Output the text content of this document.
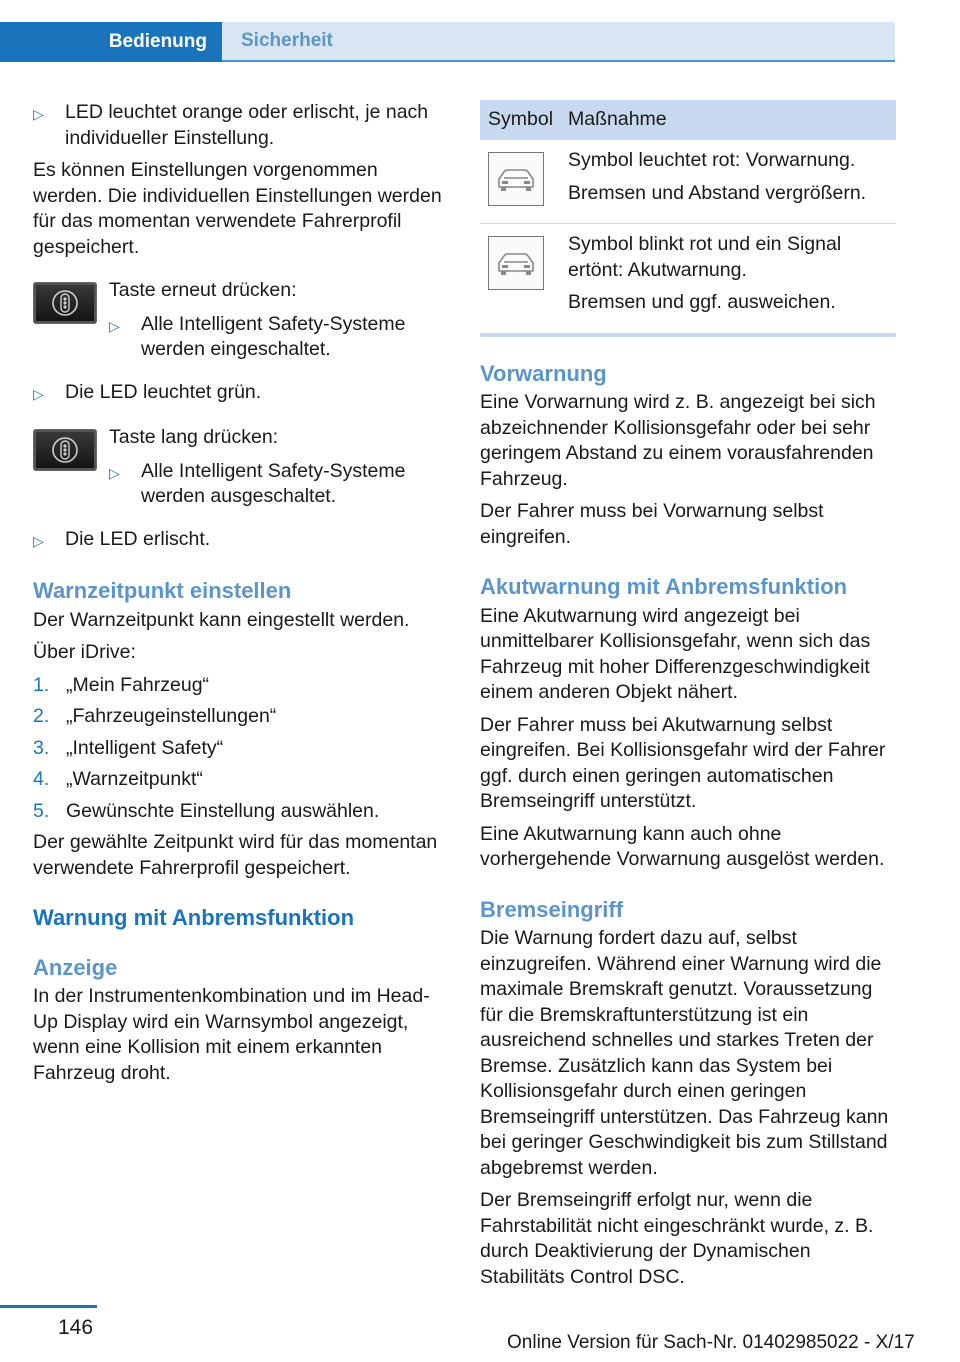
Bedienung	Sicherheit
▷	LED leuchtet orange oder erlischt, je nach individueller Einstellung.

Es können Einstellungen vorgenommen werden. Die individuellen Einstellungen werden für das momentan verwendete Fahrerprofil gespeichert.

Taste erneut drücken:
▷	Alle Intelligent Safety-Systeme werden eingeschaltet.
▷	Die LED leuchtet grün.
Taste lang drücken:
▷	Alle Intelligent Safety-Systeme werden ausgeschaltet.
▷	Die LED erlischt.
Warnzeitpunkt einstellen

Der Warnzeitpunkt kann eingestellt werden.

Über iDrive:

1. „Mein Fahrzeug“
2. „Fahrzeugeinstellungen“
3. „Intelligent Safety“
4. „Warnzeitpunkt“
5. Gewünschte Einstellung auswählen.

Der gewählte Zeitpunkt wird für das momentan verwendete Fahrerprofil gespeichert.

Warnung mit Anbremsfunktion
Anzeige

In der Instrumentenkombination und im Head-Up Display wird ein Warnsymbol angezeigt, wenn eine Kollision mit einem erkannten Fahrzeug droht.

Symbol	Maßnahme

Symbol leuchtet rot: Vorwarnung.

Bremsen und Abstand vergrößern.

Symbol blinkt rot und ein Signal ertönt: Akutwarnung.

Bremsen und ggf. ausweichen.

Vorwarnung

Eine Vorwarnung wird z. B. angezeigt bei sich abzeichnender Kollisionsgefahr oder bei sehr geringem Abstand zu einem vorausfahrenden Fahrzeug.

Der Fahrer muss bei Vorwarnung selbst eingreifen.

Akutwarnung mit Anbremsfunktion

Eine Akutwarnung wird angezeigt bei unmittelbarer Kollisionsgefahr, wenn sich das Fahrzeug mit hoher Differenzgeschwindigkeit einem anderen Objekt nähert.

Der Fahrer muss bei Akutwarnung selbst eingreifen. Bei Kollisionsgefahr wird der Fahrer ggf. durch einen geringen automatischen Bremseingriff unterstützt.

Eine Akutwarnung kann auch ohne vorhergehende Vorwarnung ausgelöst werden.

Bremseingriff

Die Warnung fordert dazu auf, selbst einzugreifen. Während einer Warnung wird die maximale Bremskraft genutzt. Voraussetzung für die Bremskraftunterstützung ist ein ausreichend schnelles und starkes Treten der Bremse. Zusätzlich kann das System bei Kollisionsgefahr durch einen geringen Bremseingriff unterstützen. Das Fahrzeug kann bei geringer Geschwindigkeit bis zum Stillstand abgebremst werden.

Der Bremseingriff erfolgt nur, wenn die Fahrstabilität nicht eingeschränkt wurde, z. B. durch Deaktivierung der Dynamischen Stabilitäts Control DSC.

146
Online Version für Sach-Nr. 01402985022 - X/17
